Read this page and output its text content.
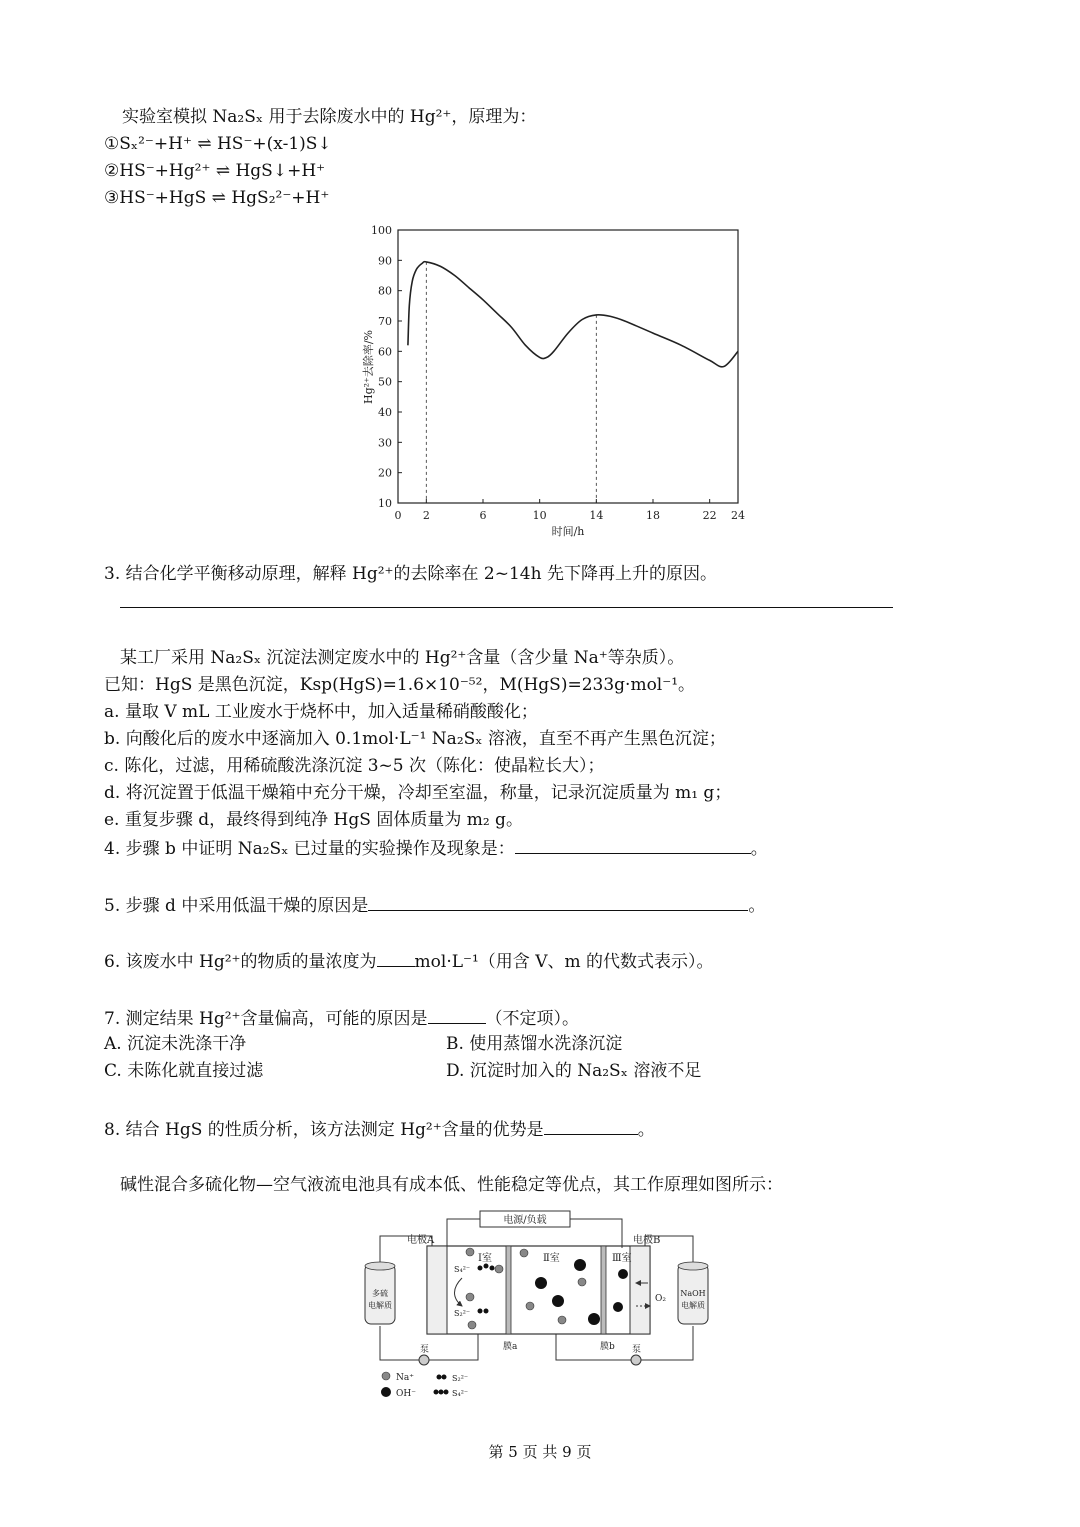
实验室模拟 Na₂Sₓ 用于去除废水中的 Hg²⁺，原理为：
①Sₓ²⁻+H⁺ ⇌ HS⁻+(x-1)S↓
②HS⁻+Hg²⁺ ⇌ HgS↓+H⁺
③HS⁻+HgS ⇌ HgS₂²⁻+H⁺
10
20
30
40
50
60
70
80
90
100
0 2	6	10	14	18	22 24
时间/h
Hg²⁺去除率/%
3. 结合化学平衡移动原理，解释 Hg²⁺的去除率在 2~14h 先下降再上升的原因。
某工厂采用 Na₂Sₓ 沉淀法测定废水中的 Hg²⁺含量（含少量 Na⁺等杂质）。
已知：HgS 是黑色沉淀，Ksp(HgS)=1.6×10⁻⁵²，M(HgS)=233g·mol⁻¹。
a. 量取 V mL 工业废水于烧杯中，加入适量稀硝酸酸化；
b. 向酸化后的废水中逐滴加入 0.1mol·L⁻¹ Na₂Sₓ 溶液，直至不再产生黑色沉淀；
c. 陈化，过滤，用稀硫酸洗涤沉淀 3~5 次（陈化：使晶粒长大）；
d. 将沉淀置于低温干燥箱中充分干燥，冷却至室温，称量，记录沉淀质量为 m₁ g；
e. 重复步骤 d，最终得到纯净 HgS 固体质量为 m₂ g。
4. 步骤 b 中证明 Na₂Sₓ 已过量的实验操作及现象是：	。
5. 步骤 d 中采用低温干燥的原因是	。
6. 该废水中 Hg²⁺的物质的量浓度为 mol·L⁻¹（用含 V、m 的代数式表示）。
7. 测定结果 Hg²⁺含量偏高，可能的原因是	（不定项）。
A. 沉淀未洗涤干净	B. 使用蒸馏水洗涤沉淀
C. 未陈化就直接过滤	D. 沉淀时加入的 Na₂Sₓ 溶液不足
8. 结合 HgS 的性质分析，该方法测定 Hg²⁺含量的优势是	。
碱性混合多硫化物—空气液流电池具有成本低、性能稳定等优点，其工作原理如图所示：
电源/负载
电极A	电极B
Ⅰ室	Ⅱ室	Ⅲ室
S₄²⁻
S₂²⁻
O₂
多硫
电解质
NaOH
电解质
泵	泵
膜a	膜b
Na⁺
OH⁻
S₂²⁻
S₄²⁻
第 5 页 共 9 页
